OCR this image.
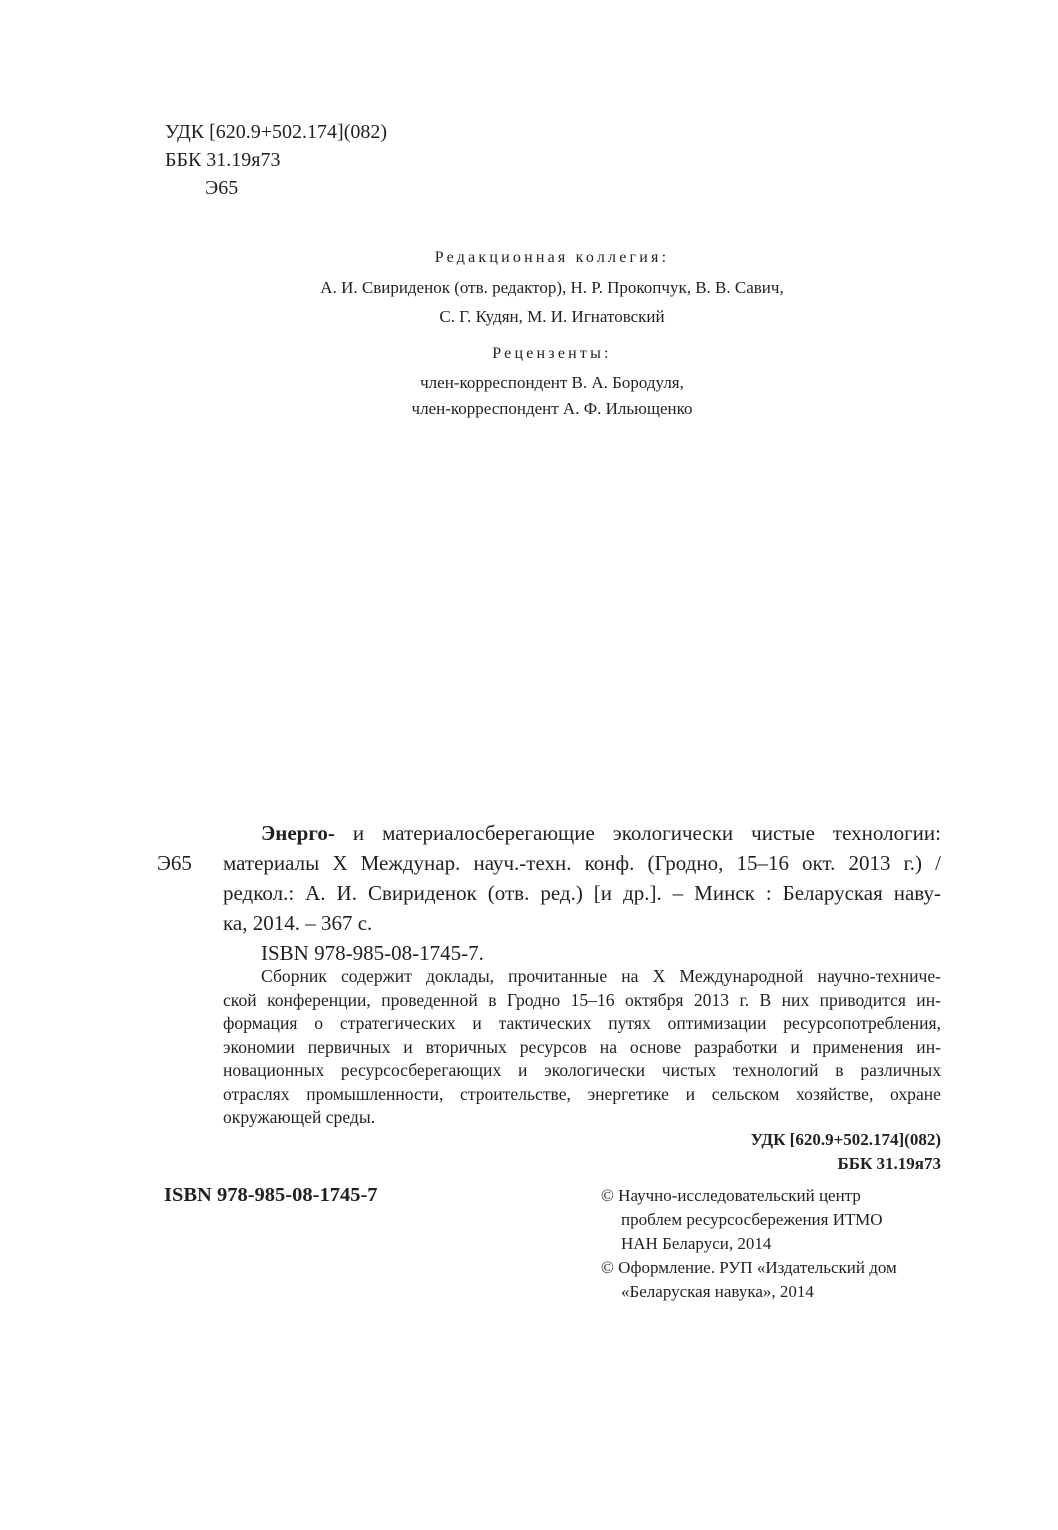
УДК [620.9+502.174](082)
ББК 31.19я73
Э65
Редакционная коллегия:
А. И. Свириденок (отв. редактор), Н. Р. Прокопчук, В. В. Савич,
С. Г. Кудян, М. И. Игнатовский
Рецензенты:
член-корреспондент В. А. Бородуля,
член-корреспондент А. Ф. Ильющенко
Э65
Энерго- и материалосберегающие экологически чистые технологии:
материалы X Междунар. науч.-техн. конф. (Гродно, 15–16 окт. 2013 г.) /
редкол.: А. И. Свириденок (отв. ред.) [и др.]. – Минск : Беларуская наву-
ка, 2014. – 367 с.
ISBN 978-985-08-1745-7.
Сборник содержит доклады, прочитанные на X Международной научно-техниче-
ской конференции, проведенной в Гродно 15–16 октября 2013 г. В них приводится ин-
формация о стратегических и тактических путях оптимизации ресурсопотребления,
экономии первичных и вторичных ресурсов на основе разработки и применения ин-
новационных ресурсосберегающих и экологически чистых технологий в различных
отраслях промышленности, строительстве, энергетике и сельском хозяйстве, охране
окружающей среды.
УДК [620.9+502.174](082)
ББК 31.19я73
ISBN 978-985-08-1745-7	© Научно-исследовательский центр
проблем ресурсосбережения ИТМО
НАН Беларуси, 2014
© Оформление. РУП «Издательский дом
«Беларуская навука», 2014
